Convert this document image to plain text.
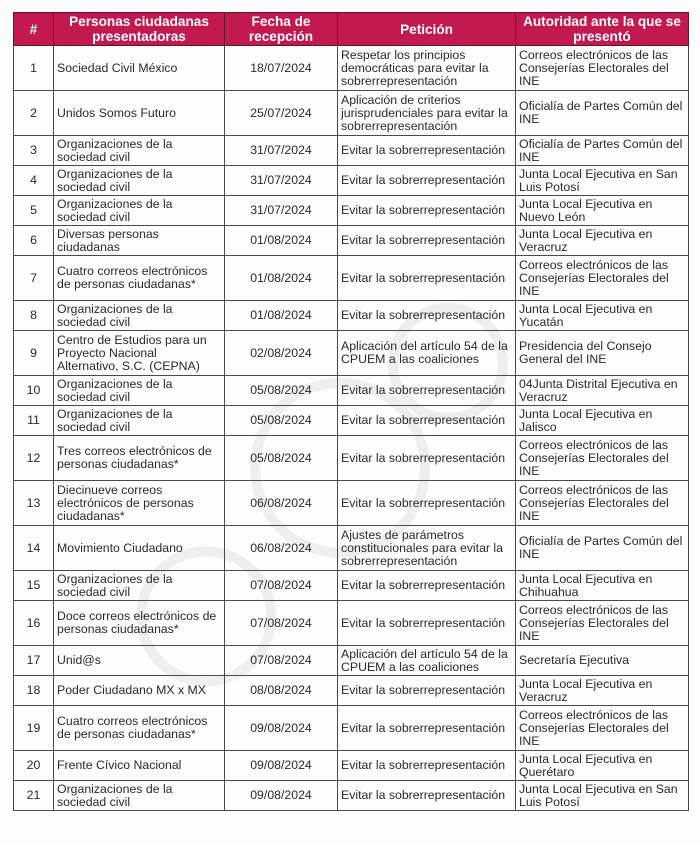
#	Personas ciudadanas presentadoras	Fecha de recepción	Petición	Autoridad ante la que se presentó
1	Sociedad Civil México	18/07/2024	Respetar los principios democráticas para evitar la sobrerrepresentación	Correos electrónicos de las Consejerías Electorales del INE
2	Unidos Somos Futuro	25/07/2024	Aplicación de criterios jurisprudenciales para evitar la sobrerrepresentación	Oficialía de Partes Común del INE
3	Organizaciones de la sociedad civil	31/07/2024	Evitar la sobrerrepresentación	Oficialía de Partes Común del INE
4	Organizaciones de la sociedad civil	31/07/2024	Evitar la sobrerrepresentación	Junta Local Ejecutiva en San Luis Potosí
5	Organizaciones de la sociedad civil	31/07/2024	Evitar la sobrerrepresentación	Junta Local Ejecutiva en Nuevo León
6	Diversas personas ciudadanas	01/08/2024	Evitar la sobrerrepresentación	Junta Local Ejecutiva en Veracruz
7	Cuatro correos electrónicos de personas ciudadanas*	01/08/2024	Evitar la sobrerrepresentación	Correos electrónicos de las Consejerías Electorales del INE
8	Organizaciones de la sociedad civil	01/08/2024	Evitar la sobrerrepresentación	Junta Local Ejecutiva en Yucatán
9	Centro de Estudios para un Proyecto Nacional Alternativo, S.C. (CEPNA)	02/08/2024	Aplicación del artículo 54 de la CPUEM a las coaliciones	Presidencia del Consejo General del INE
10	Organizaciones de la sociedad civil	05/08/2024	Evitar la sobrerrepresentación	04Junta Distrital Ejecutiva en Veracruz
11	Organizaciones de la sociedad civil	05/08/2024	Evitar la sobrerrepresentación	Junta Local Ejecutiva en Jalisco
12	Tres correos electrónicos de personas ciudadanas*	05/08/2024	Evitar la sobrerrepresentación	Correos electrónicos de las Consejerías Electorales del INE
13	Diecinueve correos electrónicos de personas ciudadanas*	06/08/2024	Evitar la sobrerrepresentación	Correos electrónicos de las Consejerías Electorales del INE
14	Movimiento Ciudadano	06/08/2024	Ajustes de parámetros constitucionales para evitar la sobrerrepresentación	Oficialía de Partes Común del INE
15	Organizaciones de la sociedad civil	07/08/2024	Evitar la sobrerrepresentación	Junta Local Ejecutiva en Chihuahua
16	Doce correos electrónicos de personas ciudadanas*	07/08/2024	Evitar la sobrerrepresentación	Correos electrónicos de las Consejerías Electorales del INE
17	Unid@s	07/08/2024	Aplicación del artículo 54 de la CPUEM a las coaliciones	Secretaría Ejecutiva
18	Poder Ciudadano MX x MX	08/08/2024	Evitar la sobrerrepresentación	Junta Local Ejecutiva en Veracruz
19	Cuatro correos electrónicos de personas ciudadanas*	09/08/2024	Evitar la sobrerrepresentación	Correos electrónicos de las Consejerías Electorales del INE
20	Frente Cívico Nacional	09/08/2024	Evitar la sobrerrepresentación	Junta Local Ejecutiva en Querétaro
21	Organizaciones de la sociedad civil	09/08/2024	Evitar la sobrerrepresentación	Junta Local Ejecutiva en San Luis Potosí
